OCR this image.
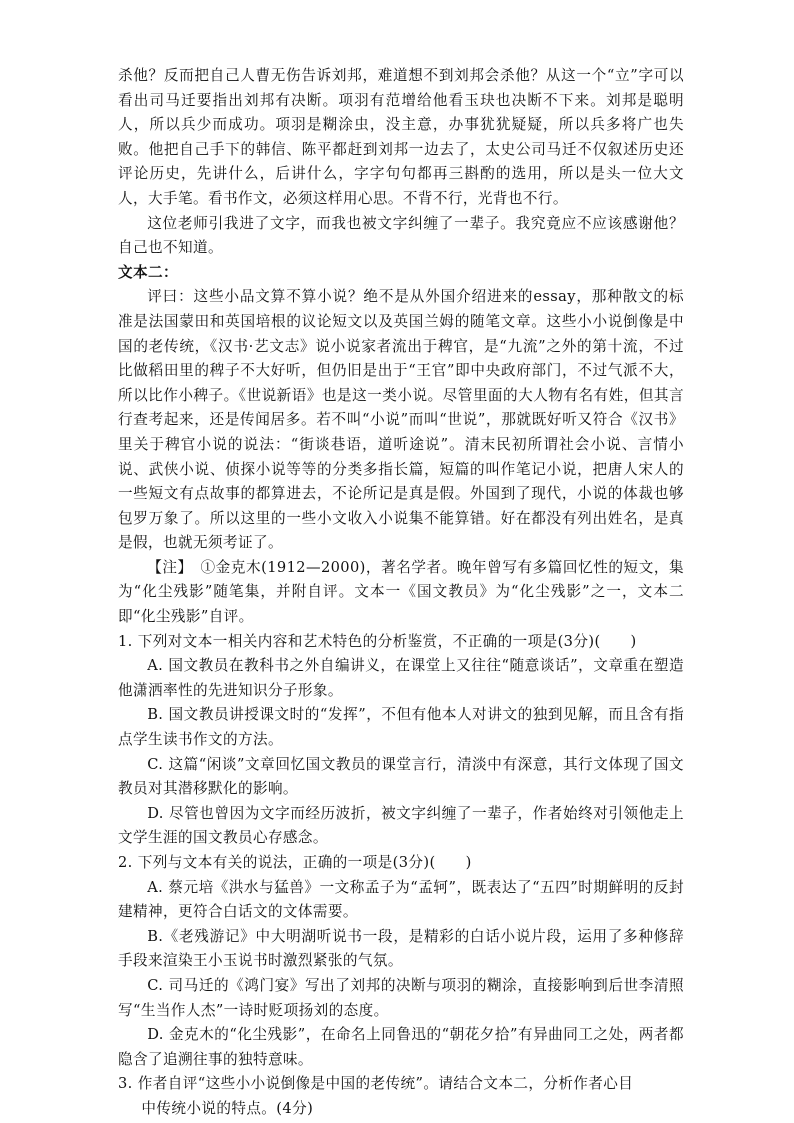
杀他？反而把自己人曹无伤告诉刘邦，难道想不到刘邦会杀他？从这一个“立”字可以看出司马迁要指出刘邦有决断。项羽有范增给他看玉玦也决断不下来。刘邦是聪明人，所以兵少而成功。项羽是糊涂虫，没主意，办事犹犹疑疑，所以兵多将广也失败。他把自己手下的韩信、陈平都赶到刘邦一边去了，太史公司马迁不仅叙述历史还评论历史，先讲什么，后讲什么，字字句句都再三斟酌的选用，所以是头一位大文人，大手笔。看书作文，必须这样用心思。不背不行，光背也不行。

这位老师引我进了文字，而我也被文字纠缠了一辈子。我究竟应不应该感谢他？自己也不知道。

文本二：

评曰：这些小品文算不算小说？绝不是从外国介绍进来的essay，那种散文的标准是法国蒙田和英国培根的议论短文以及英国兰姆的随笔文章。这些小小说倒像是中国的老传统，《汉书·艺文志》说小说家者流出于稗官，是“九流”之外的第十流，不过比做稻田里的稗子不大好听，但仍旧是出于“王官”即中央政府部门，不过气派不大，所以比作小稗子。《世说新语》也是这一类小说。尽管里面的大人物有名有姓，但其言行查考起来，还是传闻居多。若不叫“小说”而叫“世说”，那就既好听又符合《汉书》里关于稗官小说的说法：“街谈巷语，道听途说”。清末民初所谓社会小说、言情小说、武侠小说、侦探小说等等的分类多指长篇，短篇的叫作笔记小说，把唐人宋人的一些短文有点故事的都算进去，不论所记是真是假。外国到了现代，小说的体裁也够包罗万象了。所以这里的一些小文收入小说集不能算错。好在都没有列出姓名，是真是假，也就无须考证了。

【注】　①金克木(1912—2000)，著名学者。晚年曾写有多篇回忆性的短文，集为“化尘残影”随笔集，并附自评。文本一《国文教员》为“化尘残影”之一，文本二即“化尘残影”自评。

1. 下列对文本一相关内容和艺术特色的分析鉴赏，不正确的一项是(3分)(　　)

A. 国文教员在教科书之外自编讲义，在课堂上又往往“随意谈话”，文章重在塑造他潇洒率性的先进知识分子形象。

B. 国文教员讲授课文时的“发挥”，不但有他本人对讲文的独到见解，而且含有指点学生读书作文的方法。

C. 这篇“闲谈”文章回忆国文教员的课堂言行，清淡中有深意，其行文体现了国文教员对其潜移默化的影响。

D. 尽管也曾因为文字而经历波折，被文字纠缠了一辈子，作者始终对引领他走上文学生涯的国文教员心存感念。

2. 下列与文本有关的说法，正确的一项是(3分)(　　)

A. 蔡元培《洪水与猛兽》一文称孟子为“孟轲”，既表达了“五四”时期鲜明的反封建精神，更符合白话文的文体需要。

B.《老残游记》中大明湖听说书一段，是精彩的白话小说片段，运用了多种修辞手段来渲染王小玉说书时激烈紧张的气氛。

C. 司马迁的《鸿门宴》写出了刘邦的决断与项羽的糊涂，直接影响到后世李清照写“生当作人杰”一诗时贬项扬刘的态度。

D. 金克木的“化尘残影”，在命名上同鲁迅的“朝花夕拾”有异曲同工之处，两者都隐含了追溯往事的独特意味。

3. 作者自评“这些小小说倒像是中国的老传统”。请结合文本二，分析作者心目

中传统小说的特点。(4分)
